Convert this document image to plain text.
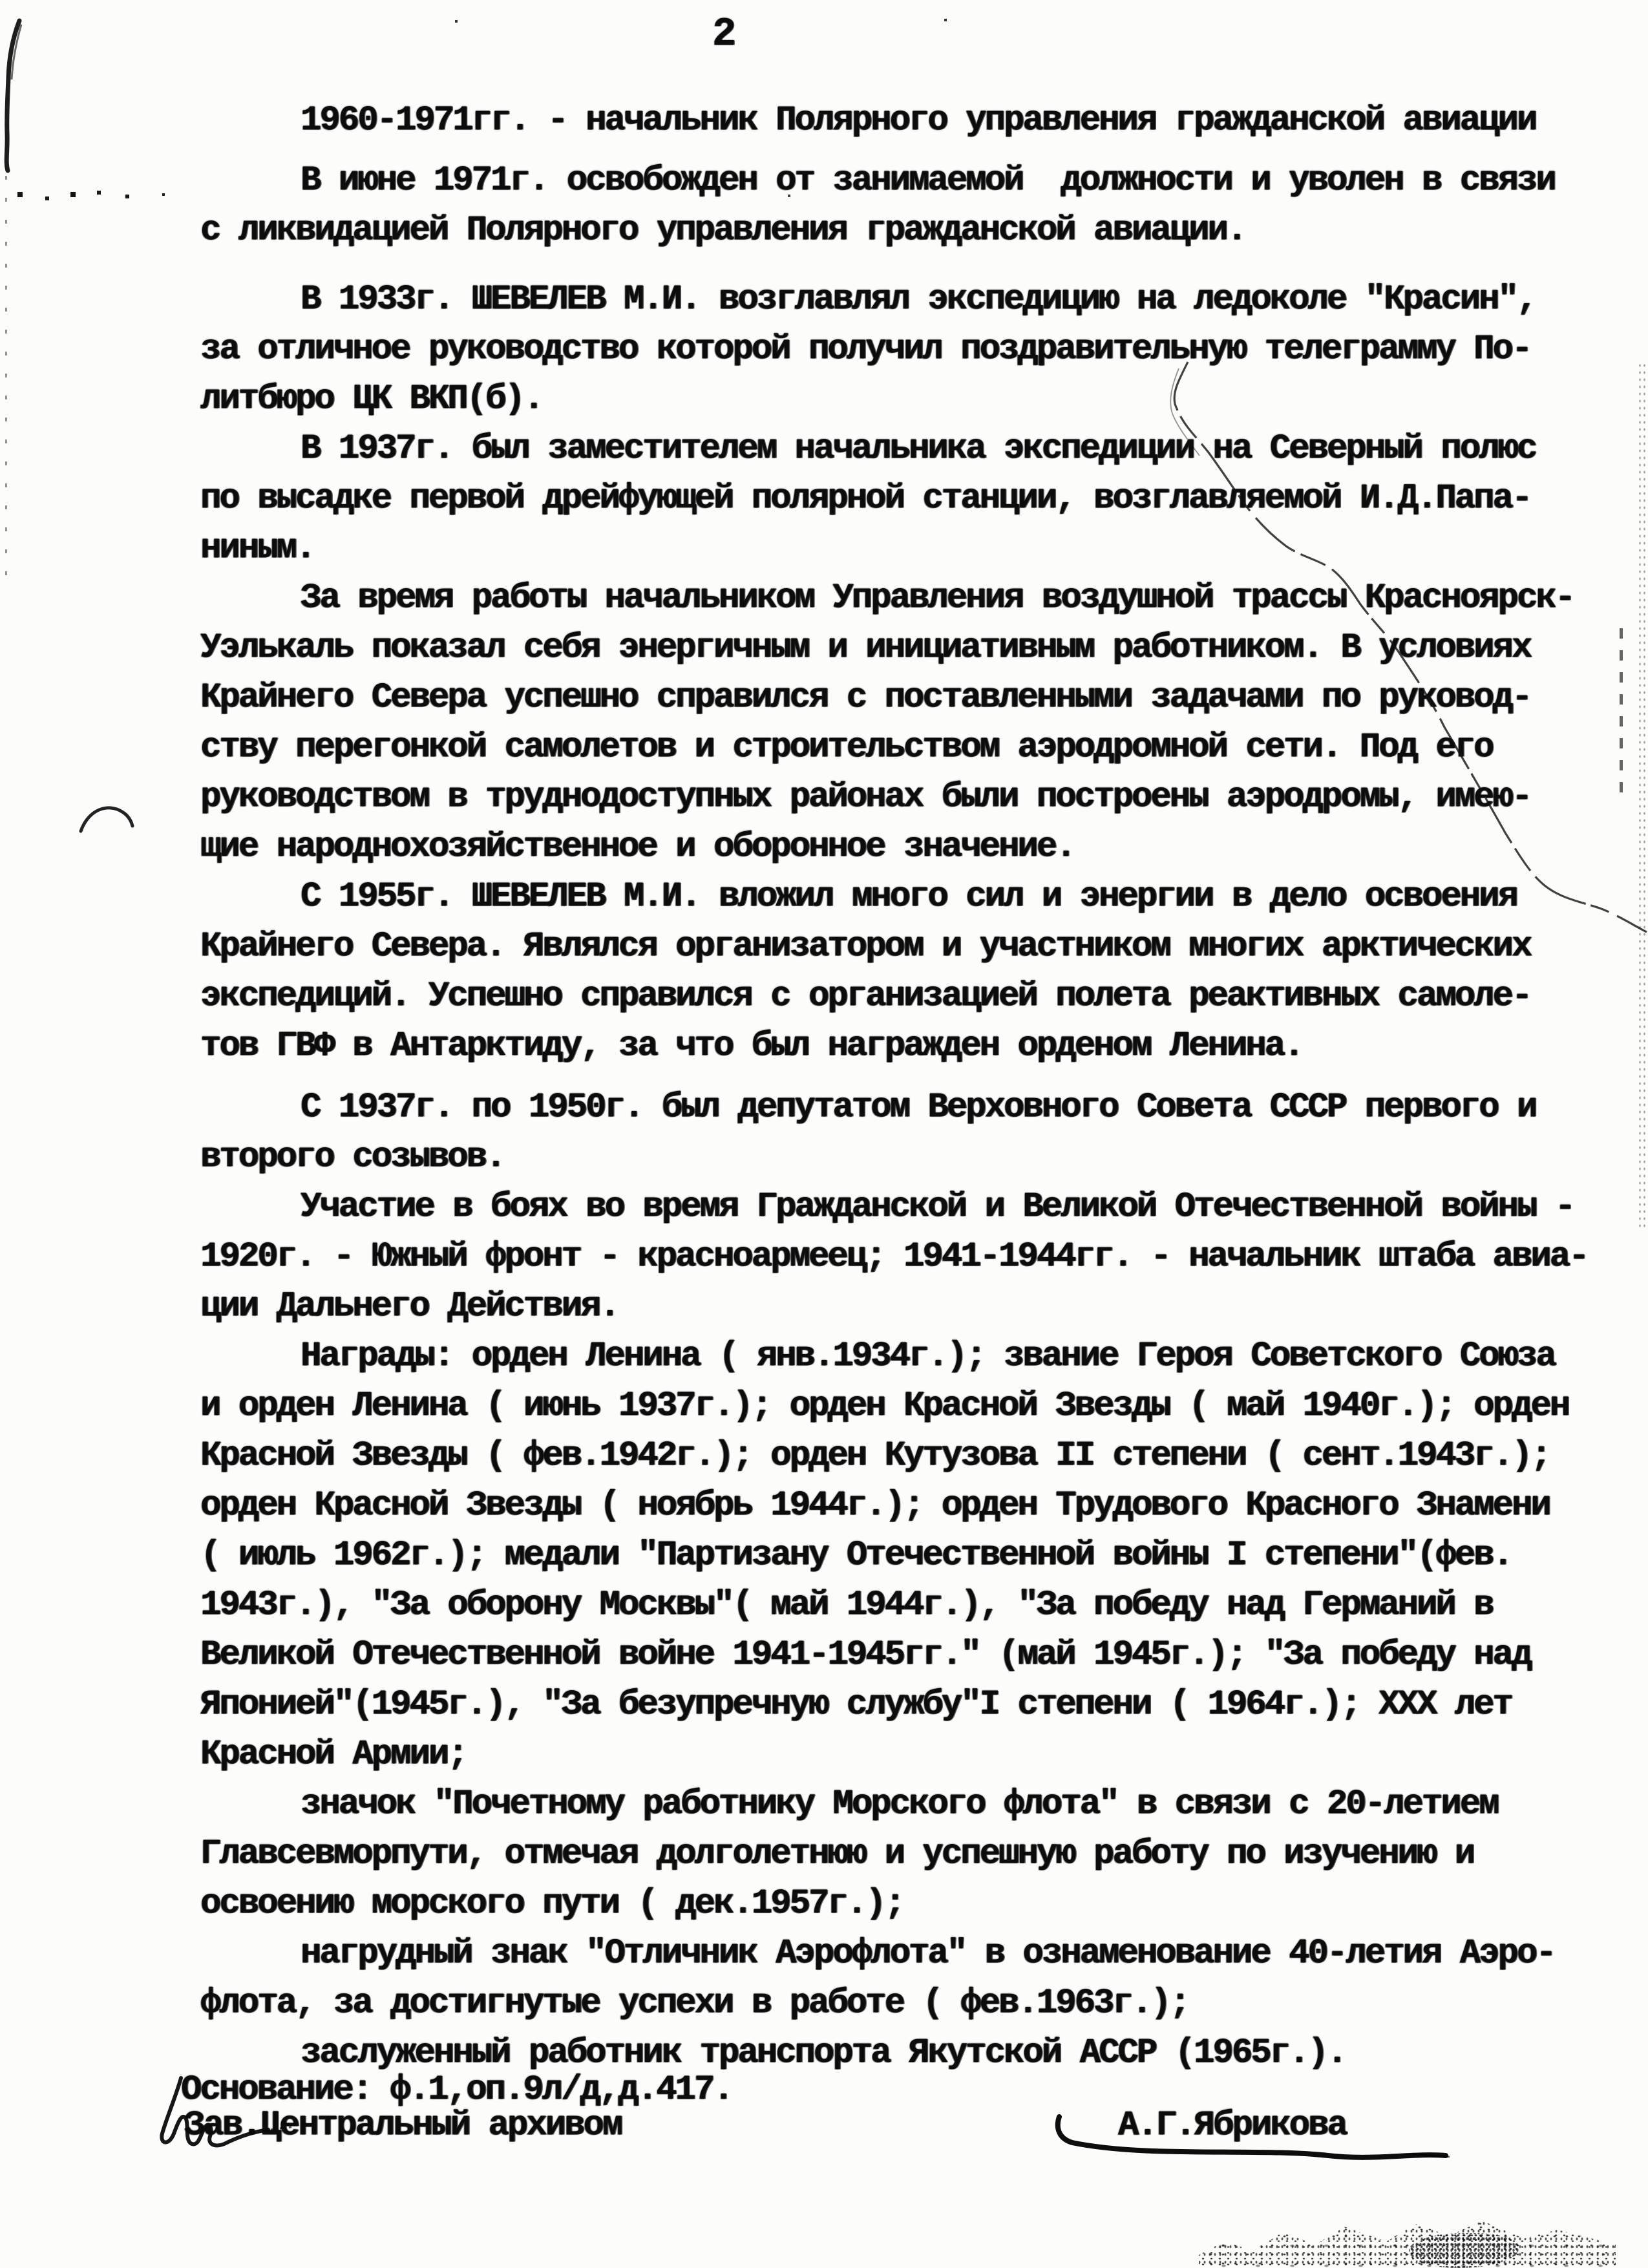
2
1960-1971гг. - начальник Полярного управления гражданской авиации
В июне 1971г. освобожден от занимаемой  должности и уволен в связи
с ликвидацией Полярного управления гражданской авиации.
В 1933г. ШЕВЕЛЕВ М.И. возглавлял экспедицию на ледоколе "Красин",
за отличное руководство которой получил поздравительную телеграмму По-
литбюро ЦК ВКП(б).
В 1937г. был заместителем начальника экспедиции на Северный полюс
по высадке первой дрейфующей полярной станции, возглавляемой И.Д.Папа-
ниным.
За время работы начальником Управления воздушной трассы Красноярск-
Уэлькаль показал себя энергичным и инициативным работником. В условиях
Крайнего Севера успешно справился с поставленными задачами по руковод-
ству перегонкой самолетов и строительством аэродромной сети. Под его
руководством в труднодоступных районах были построены аэродромы, имею-
щие народнохозяйственное и оборонное значение.
С 1955г. ШЕВЕЛЕВ М.И. вложил много сил и энергии в дело освоения
Крайнего Севера. Являлся организатором и участником многих арктических
экспедиций. Успешно справился с организацией полета реактивных самоле-
тов ГВФ в Антарктиду, за что был награжден орденом Ленина.
С 1937г. по 1950г. был депутатом Верховного Совета СССР первого и
второго созывов.
Участие в боях во время Гражданской и Великой Отечественной войны -
1920г. - Южный фронт - красноармеец; 1941-1944гг. - начальник штаба авиа-
ции Дальнего Действия.
Награды: орден Ленина ( янв.1934г.); звание Героя Советского Союза
и орден Ленина ( июнь 1937г.); орден Красной Звезды ( май 1940г.); орден
Красной Звезды ( фев.1942г.); орден Кутузова II степени ( сент.1943г.);
орден Красной Звезды ( ноябрь 1944г.); орден Трудового Красного Знамени
( июль 1962г.); медали "Партизану Отечественной войны I степени"(фев.
1943г.), "За оборону Москвы"( май 1944г.), "За победу над Германий в
Великой Отечественной войне 1941-1945гг." (май 1945г.); "За победу над
Японией"(1945г.), "За безупречную службу"I степени ( 1964г.); XXX лет
Красной Армии;
значок "Почетному работнику Морского флота" в связи с 20-летием
Главсевморпути, отмечая долголетнюю и успешную работу по изучению и
освоению морского пути ( дек.1957г.);
нагрудный знак "Отличник Аэрофлота" в ознаменование 40-летия Аэро-
флота, за достигнутые успехи в работе ( фев.1963г.);
заслуженный работник транспорта Якутской АССР (1965г.).
Основание: ф.1,оп.9л/д,д.417.
Зав.Центральный архивом	А.Г.Ябрикова
